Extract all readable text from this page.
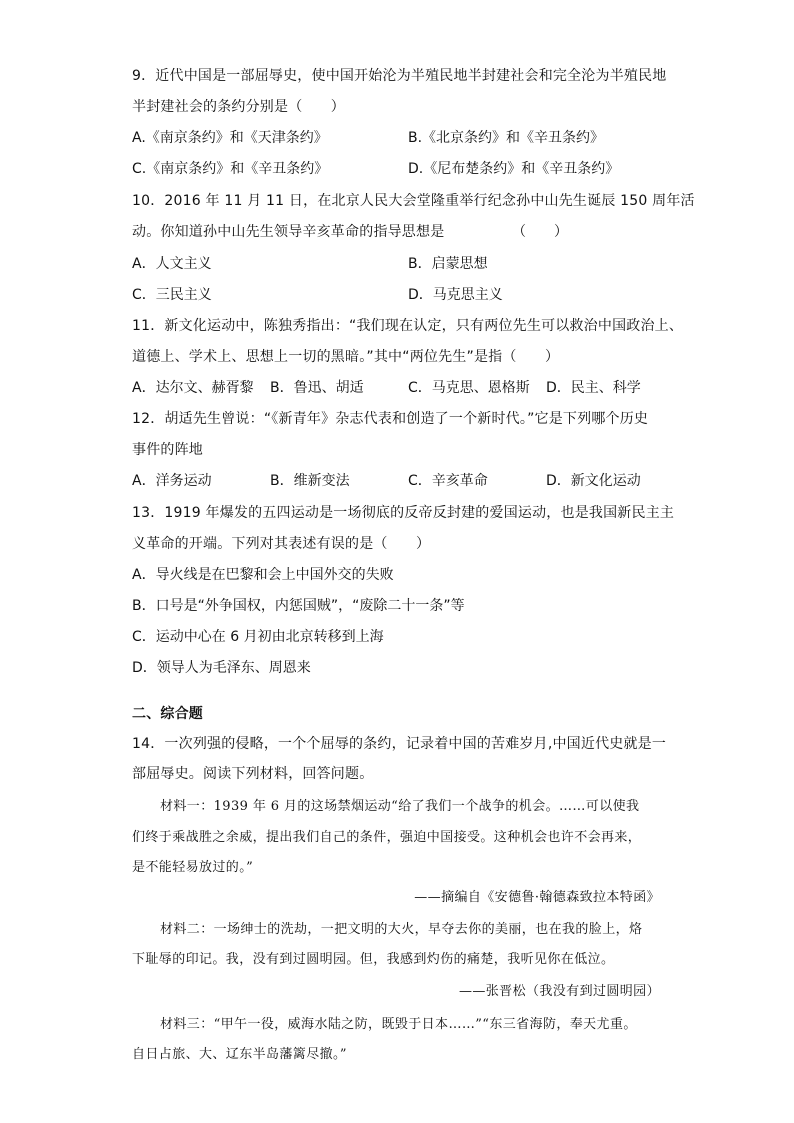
9．近代中国是一部屈辱史，使中国开始沦为半殖民地半封建社会和完全沦为半殖民地
半封建社会的条约分别是（　　）
A.《南京条约》和《天津条约》	B.《北京条约》和《辛丑条约》
C.《南京条约》和《辛丑条约》	D.《尼布楚条约》和《辛丑条约》
10．2016 年 11 月 11 日，在北京人民大会堂隆重举行纪念孙中山先生诞辰 150 周年活
动。你知道孙中山先生领导辛亥革命的指导思想是	（　　）
A．人文主义	B．启蒙思想
C．三民主义	D．马克思主义
11．新文化运动中，陈独秀指出：“我们现在认定，只有两位先生可以救治中国政治上、
道德上、学术上、思想上一切的黑暗。”其中“两位先生”是指（　　）
A．达尔文、赫胥黎 B．鲁迅、胡适	C．马克思、恩格斯 D．民主、科学
12．胡适先生曾说：“《新青年》杂志代表和创造了一个新时代。”它是下列哪个历史
事件的阵地
A．洋务运动	B．维新变法	C．辛亥革命	D．新文化运动
13．1919 年爆发的五四运动是一场彻底的反帝反封建的爱国运动，也是我国新民主主
义革命的开端。下列对其表述有误的是（　　）
A．导火线是在巴黎和会上中国外交的失败
B．口号是“外争国权，内惩国贼”，“废除二十一条”等
C．运动中心在 6 月初由北京转移到上海
D．领导人为毛泽东、周恩来
二、综合题
14．一次列强的侵略，一个个屈辱的条约，记录着中国的苦难岁月,中国近代史就是一
部屈辱史。阅读下列材料，回答问题。
材料一：1939 年 6 月的这场禁烟运动“给了我们一个战争的机会。……可以使我
们终于乘战胜之余威，提出我们自己的条件，强迫中国接受。这种机会也许不会再来，
是不能轻易放过的。”
——摘编自《安德鲁·翰德森致拉本特函》
材料二：一场绅士的洗劫，一把文明的大火，早夺去你的美丽，也在我的脸上，烙
下耻辱的印记。我，没有到过圆明园。但，我感到灼伤的痛楚，我听见你在低泣。
——张晋松（我没有到过圆明园）
材料三：“甲午一役，威海水陆之防，既毁于日本……”“东三省海防，奉天尤重。
自日占旅、大、辽东半岛藩篱尽撤。”
